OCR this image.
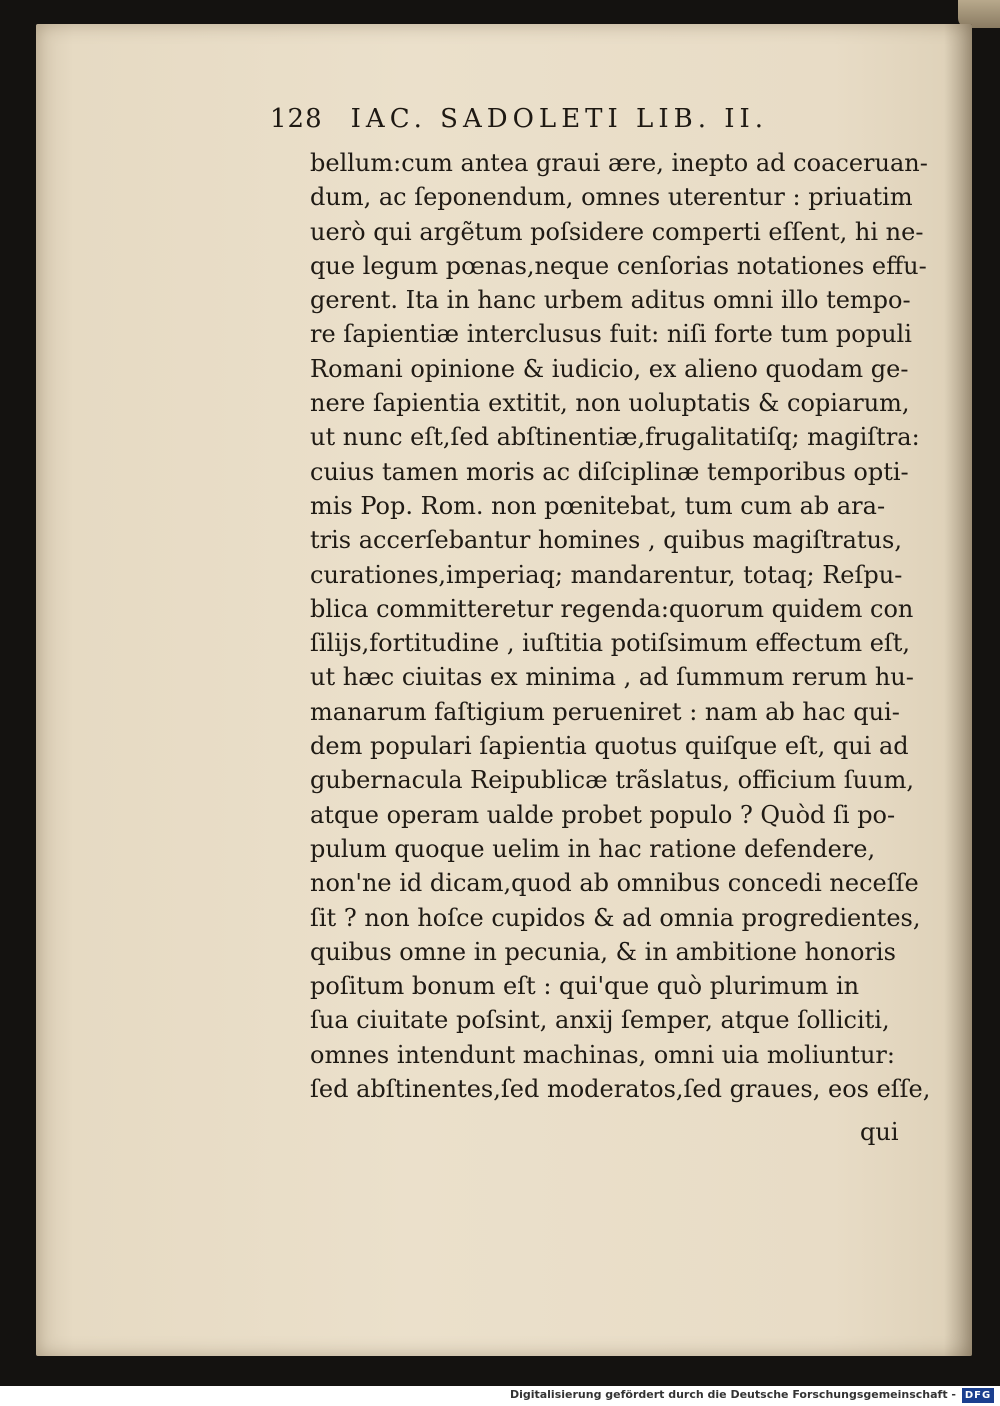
128 IAC. SADOLETI LIB. II.
bellum:cum antea graui ære, inepto ad coaceruan-
dum, ac ſeponendum, omnes uterentur : priuatim
uerò qui argẽtum poſsidere comperti eſſent, hi ne-
que legum pœnas,neque cenſorias notationes effu-
gerent. Ita in hanc urbem aditus omni illo tempo-
re ſapientiæ interclusus fuit: niſi forte tum populi
Romani opinione & iudicio, ex alieno quodam ge-
nere ſapientia extitit, non uoluptatis & copiarum,
ut nunc eſt,ſed abſtinentiæ,frugalitatiſq; magiſtra:
cuius tamen moris ac diſciplinæ temporibus opti-
mis Pop. Rom. non pœnitebat, tum cum ab ara-
tris accerſebantur homines , quibus magiſtratus,
curationes,imperiaq; mandarentur, totaq; Reſpu-
blica committeretur regenda:quorum quidem con
ſilijs,fortitudine , iuſtitia potiſsimum effectum eſt,
ut hæc ciuitas ex minima , ad ſummum rerum hu-
manarum faſtigium perueniret : nam ab hac qui-
dem populari ſapientia quotus quiſque eſt, qui ad
gubernacula Reipublicæ trãslatus, officium ſuum,
atque operam ualde probet populo ? Quòd ſi po-
pulum quoque uelim in hac ratione defendere,
non'ne id dicam,quod ab omnibus concedi neceſſe
ſit ? non hoſce cupidos & ad omnia progredientes,
quibus omne in pecunia, & in ambitione honoris
poſitum bonum eſt : qui'que quò plurimum in
ſua ciuitate poſsint, anxij ſemper, atque ſolliciti,
omnes intendunt machinas, omni uia moliuntur:
ſed abſtinentes,ſed moderatos,ſed graues, eos eſſe,
qui
Digitalisierung gefördert durch die Deutsche Forschungsgemeinschaft - DFG
